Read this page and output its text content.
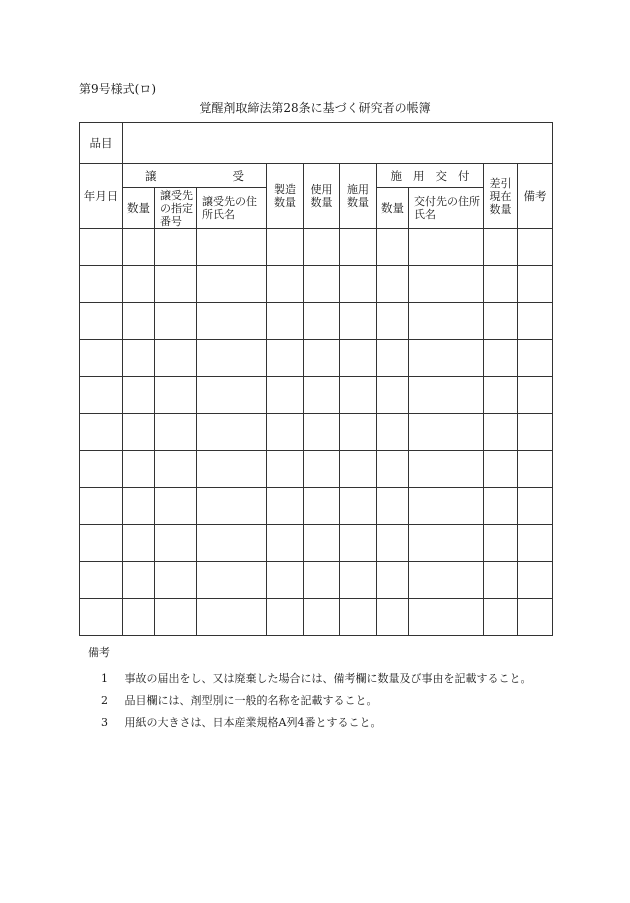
第9号様式(ロ)
覚醒剤取締法第28条に基づく研究者の帳簿
品目										
年月日	譲 受			製造数量	使用数量	施用数量	施 用 交 付		差引現在数量	備考
	数量	譲受先の指定番号	譲受先の住所氏名				数量	交付先の住所氏名		

備考
1 事故の届出をし、又は廃棄した場合には、備考欄に数量及び事由を記載すること。
2 品目欄には、剤型別に一般的名称を記載すること。
3 用紙の大きさは、日本産業規格A列4番とすること。
